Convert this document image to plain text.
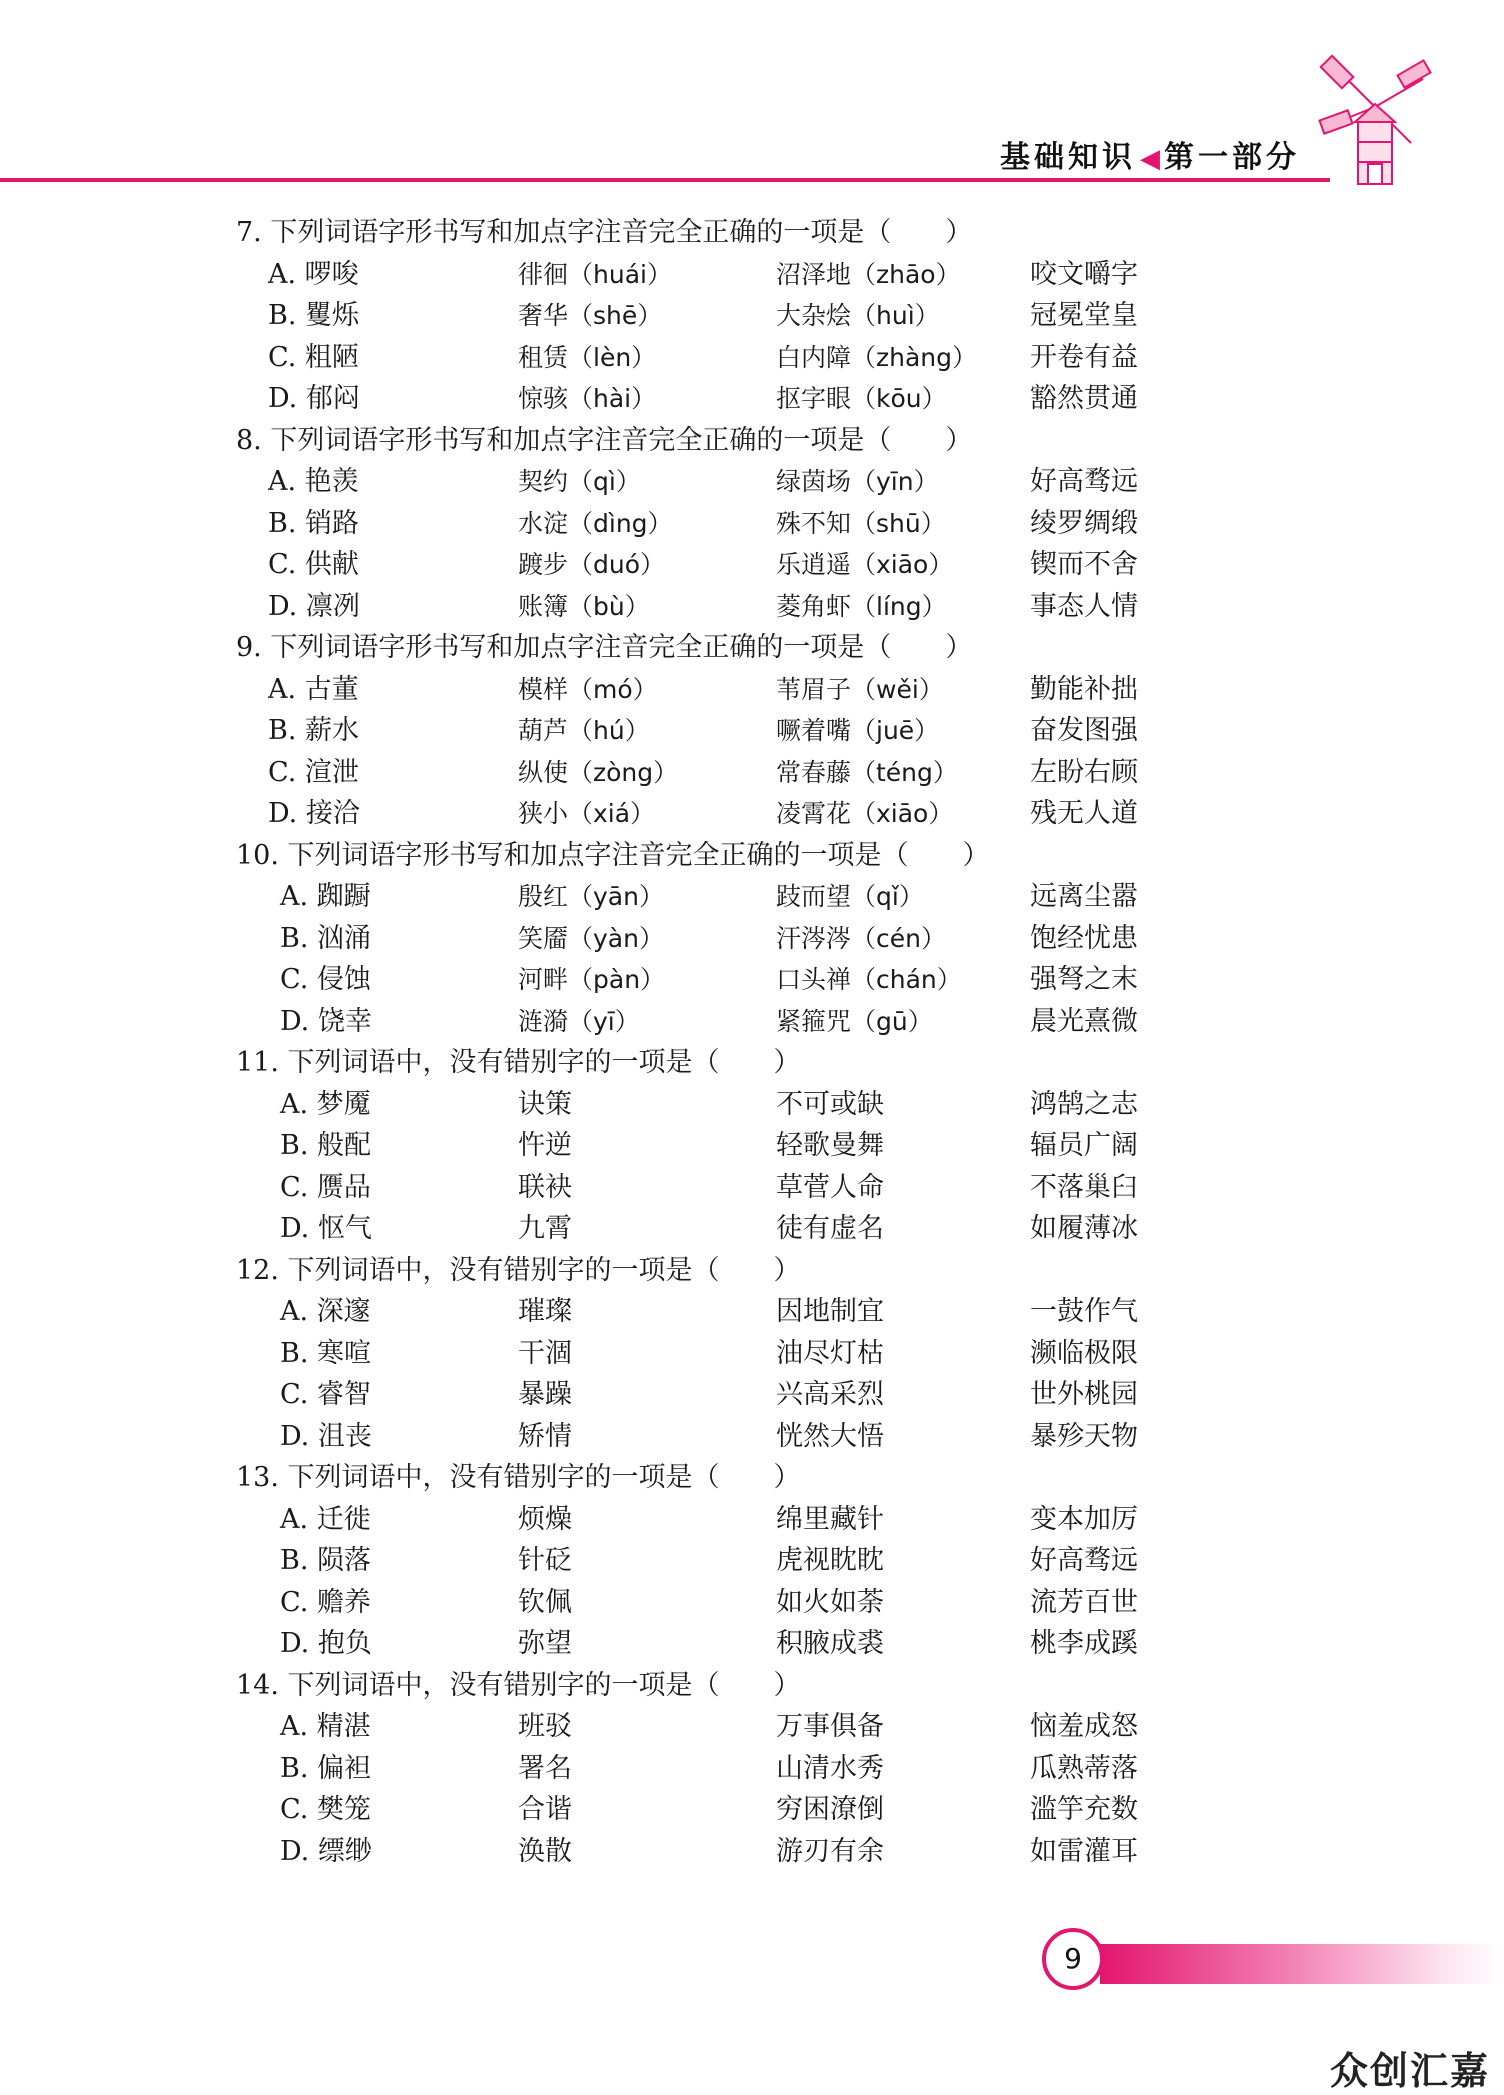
基础知识 ◀ 第一部分
7. 下列词语字形书写和加点字注音完全正确的一项是（　　）
A. 啰唆	徘徊（huái）	沼泽地（zhāo）	咬文嚼字
B. 矍烁	奢华（shē）	大杂烩（huì）	冠冕堂皇
C. 粗陋	租赁（lèn）	白内障（zhàng） 开卷有益
D. 郁闷	惊骇（hài）	抠字眼（kōu）	豁然贯通
8. 下列词语字形书写和加点字注音完全正确的一项是（　　）
A. 艳羡	契约（qì）	绿茵场（yīn）	好高骛远
B. 销路	水淀（dìng）	殊不知（shū）	绫罗绸缎
C. 供献	踱步（duó）	乐逍遥（xiāo）	锲而不舍
D. 凛冽	账簿（bù）	菱角虾（líng）	事态人情
9. 下列词语字形书写和加点字注音完全正确的一项是（　　）
A. 古董	模样（mó）	苇眉子（wěi）	勤能补拙
B. 薪水	葫芦（hú）	噘着嘴（juē）	奋发图强
C. 渲泄	纵使（zòng）	常春藤（téng）	左盼右顾
D. 接洽	狭小（xiá）	凌霄花（xiāo）	残无人道
10. 下列词语字形书写和加点字注音完全正确的一项是（　　）
A. 踟蹰	殷红（yān）	跂而望（qǐ）	远离尘嚣
B. 汹涌	笑靥（yàn）	汗涔涔（cén）	饱经忧患
C. 侵蚀	河畔（pàn）	口头禅（chán）	强弩之末
D. 饶幸	涟漪（yī）	紧箍咒（gū）	晨光熹微
11. 下列词语中，没有错别字的一项是（　　）
A. 梦魇	诀策	不可或缺	鸿鹄之志
B. 般配	忤逆	轻歌曼舞	辐员广阔
C. 赝品	联袂	草菅人命	不落巢臼
D. 怄气	九霄	徒有虚名	如履薄冰
12. 下列词语中，没有错别字的一项是（　　）
A. 深邃	璀璨	因地制宜	一鼓作气
B. 寒喧	干涸	油尽灯枯	濒临极限
C. 睿智	暴躁	兴高采烈	世外桃园
D. 沮丧	矫情	恍然大悟	暴殄天物
13. 下列词语中，没有错别字的一项是（　　）
A. 迁徙	烦燥	绵里藏针	变本加厉
B. 陨落	针砭	虎视眈眈	好高骛远
C. 赡养	钦佩	如火如荼	流芳百世
D. 抱负	弥望	积腋成裘	桃李成蹊
14. 下列词语中，没有错别字的一项是（　　）
A. 精湛	班驳	万事俱备	恼羞成怒
B. 偏袒	署名	山清水秀	瓜熟蒂落
C. 樊笼	合谐	穷困潦倒	滥竽充数
D. 缥缈	涣散	游刃有余	如雷灌耳
9
众创汇嘉
